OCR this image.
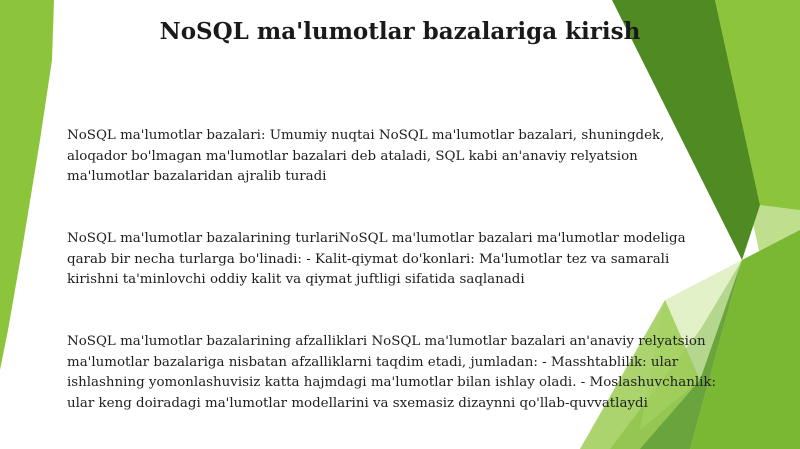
NoSQL ma'lumotlar bazalariga kirish
NoSQL ma'lumotlar bazalari: Umumiy nuqtai NoSQL ma'lumotlar bazalari, shuningdek,
aloqador bo'lmagan ma'lumotlar bazalari deb ataladi, SQL kabi an'anaviy relyatsion
ma'lumotlar bazalaridan ajralib turadi
NoSQL ma'lumotlar bazalarining turlariNoSQL ma'lumotlar bazalari ma'lumotlar modeliga
qarab bir necha turlarga bo'linadi: - Kalit-qiymat do'konlari: Ma'lumotlar tez va samarali
kirishni ta'minlovchi oddiy kalit va qiymat juftligi sifatida saqlanadi
NoSQL ma'lumotlar bazalarining afzalliklari NoSQL ma'lumotlar bazalari an'anaviy relyatsion
ma'lumotlar bazalariga nisbatan afzalliklarni taqdim etadi, jumladan: - Masshtablilik: ular
ishlashning yomonlashuvisiz katta hajmdagi ma'lumotlar bilan ishlay oladi. - Moslashuvchanlik:
ular keng doiradagi ma'lumotlar modellarini va sxemasiz dizaynni qo'llab-quvvatlaydi
